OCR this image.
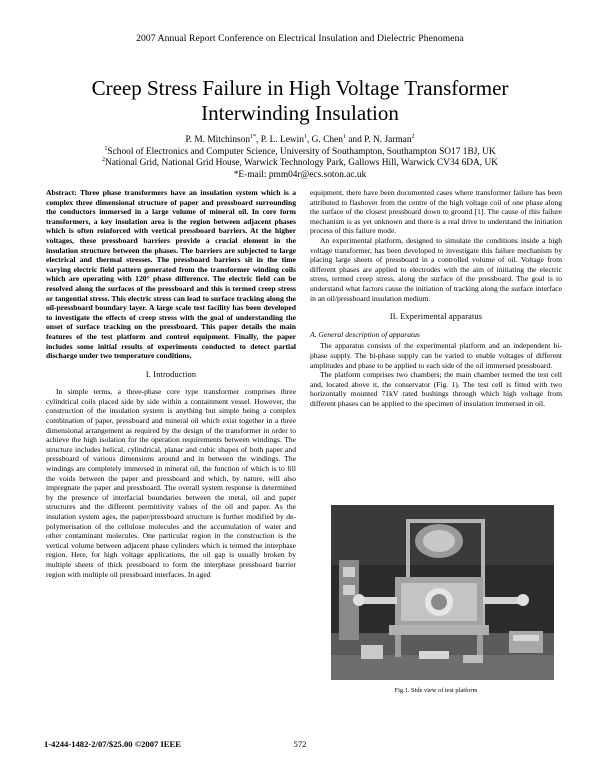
2007 Annual Report Conference on Electrical Insulation and Dielectric Phenomena
Creep Stress Failure in High Voltage Transformer Interwinding Insulation
P. M. Mitchinson$^{1*}$, P. L. Lewin$^1$, G. Chen$^1$ and P. N. Jarman$^2$
$^1$School of Electronics and Computer Science, University of Southampton, Southampton SO17 1BJ, UK
$^2$National Grid, National Grid House, Warwick Technology Park, Gallows Hill, Warwick CV34 6DA, UK
*E-mail: pmm04r@ecs.soton.ac.uk

Abstract: Three phase transformers have an insulation system which is a complex three dimensional structure of paper and pressboard surrounding the conductors immersed in a large volume of mineral oil. In core form transformers, a key insulation area is the region between adjacent phases which is often reinforced with vertical pressboard barriers. At the higher voltages, these pressboard barriers provide a crucial element in the insulation structure between the phases. The barriers are subjected to large electrical and thermal stresses. The pressboard barriers sit in the time varying electric field pattern generated from the transformer winding coils which are operating with 120° phase difference. The electric field can be resolved along the surfaces of the pressboard and this is termed creep stress or tangential stress. This electric stress can lead to surface tracking along the oil-pressboard boundary layer. A large scale test facility has been developed to investigate the effects of creep stress with the goal of understanding the onset of surface tracking on the pressboard. This paper details the main features of the test platform and control equipment. Finally, the paper includes some initial results of experiments conducted to detect partial discharge under two temperature conditions.

I. Introduction

In simple terms, a three-phase core type transformer comprises three cylindrical coils placed side by side within a containment vessel. However, the construction of the insulation system is anything but simple being a complex combination of paper, pressboard and mineral oil which exist together in a three dimensional arrangement as required by the design of the transformer in order to achieve the high isolation for the operation requirements between windings. The structure includes helical, cylindrical, planar and cubic shapes of both paper and pressboard of various dimensions around and in between the windings. The windings are completely immersed in mineral oil, the function of which is to fill the voids between the paper and pressboard and which, by nature, will also impregnate the paper and pressboard. The overall system response is determined by the presence of interfacial boundaries between the metal, oil and paper structures and the different permittivity values of the oil and paper. As the insulation system ages, the paper/pressboard structure is further modified by de-polymerisation of the cellulose molecules and the accumulation of water and other contaminant molecules. One particular region in the construction is the vertical volume between adjacent phase cylinders which is termed the interphase region. Here, for high voltage applications, the oil gap is usually broken by multiple sheets of thick pressboard to form the interphase pressboard barrier region with multiple oil pressboard interfaces. In aged

equipment, there have been documented cases where transformer failure has been attributed to flashover from the centre of the high voltage coil of one phase along the surface of the closest pressboard down to ground [1]. The cause of this failure mechanism is as yet unknown and there is a real drive to understand the initiation process of this failure mode.

An experimental platform, designed to simulate the conditions inside a high voltage transformer, has been developed to investigate this failure mechanism by placing large sheets of pressboard in a controlled volume of oil. Voltage from different phases are applied to electrodes with the aim of initiating the electric stress, termed creep stress, along the surface of the pressboard. The goal is to understand what factors cause the initiation of tracking along the surface interface in an oil/pressboard insulation medium.

II. Experimental apparatus
A. General description of apparatus

The apparatus consists of the experimental platform and an independent bi-phase supply. The bi-phase supply can be varied to enable voltages of different amplitudes and phase to be applied to each side of the oil immersed pressboard.

The platform comprises two chambers; the main chamber termed the test cell and, located above it, the conservator (Fig. 1). The test cell is fitted with two horizontally mounted 71kV rated bushings through which high voltage from different phases can be applied to the specimen of insulation immersed in oil.

Fig.1. Side view of test platform
1-4244-1482-2/07/$25.00 ©2007 IEEE	572
